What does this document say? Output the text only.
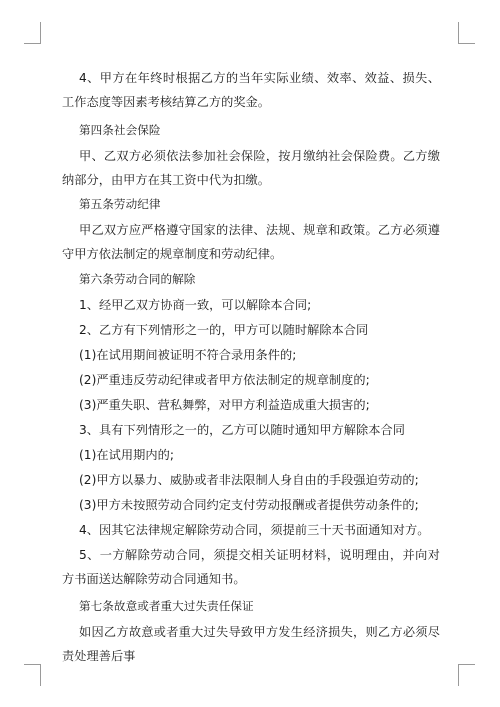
4、甲方在年终时根据乙方的当年实际业绩、效率、效益、损失、工作态度等因素考核结算乙方的奖金。

第四条社会保险

甲、乙双方必须依法参加社会保险，按月缴纳社会保险费。乙方缴纳部分，由甲方在其工资中代为扣缴。

第五条劳动纪律

甲乙双方应严格遵守国家的法律、法规、规章和政策。乙方必须遵守甲方依法制定的规章制度和劳动纪律。

第六条劳动合同的解除

1、经甲乙双方协商一致，可以解除本合同;

2、乙方有下列情形之一的，甲方可以随时解除本合同

(1)在试用期间被证明不符合录用条件的;

(2)严重违反劳动纪律或者甲方依法制定的规章制度的;

(3)严重失职、营私舞弊，对甲方利益造成重大损害的;

3、具有下列情形之一的，乙方可以随时通知甲方解除本合同

(1)在试用期内的;

(2)甲方以暴力、威胁或者非法限制人身自由的手段强迫劳动的;

(3)甲方未按照劳动合同约定支付劳动报酬或者提供劳动条件的;

4、因其它法律规定解除劳动合同，须提前三十天书面通知对方。

5、一方解除劳动合同，须提交相关证明材料，说明理由，并向对方书面送达解除劳动合同通知书。

第七条故意或者重大过失责任保证

如因乙方故意或者重大过失导致甲方发生经济损失，则乙方必须尽责处理善后事
